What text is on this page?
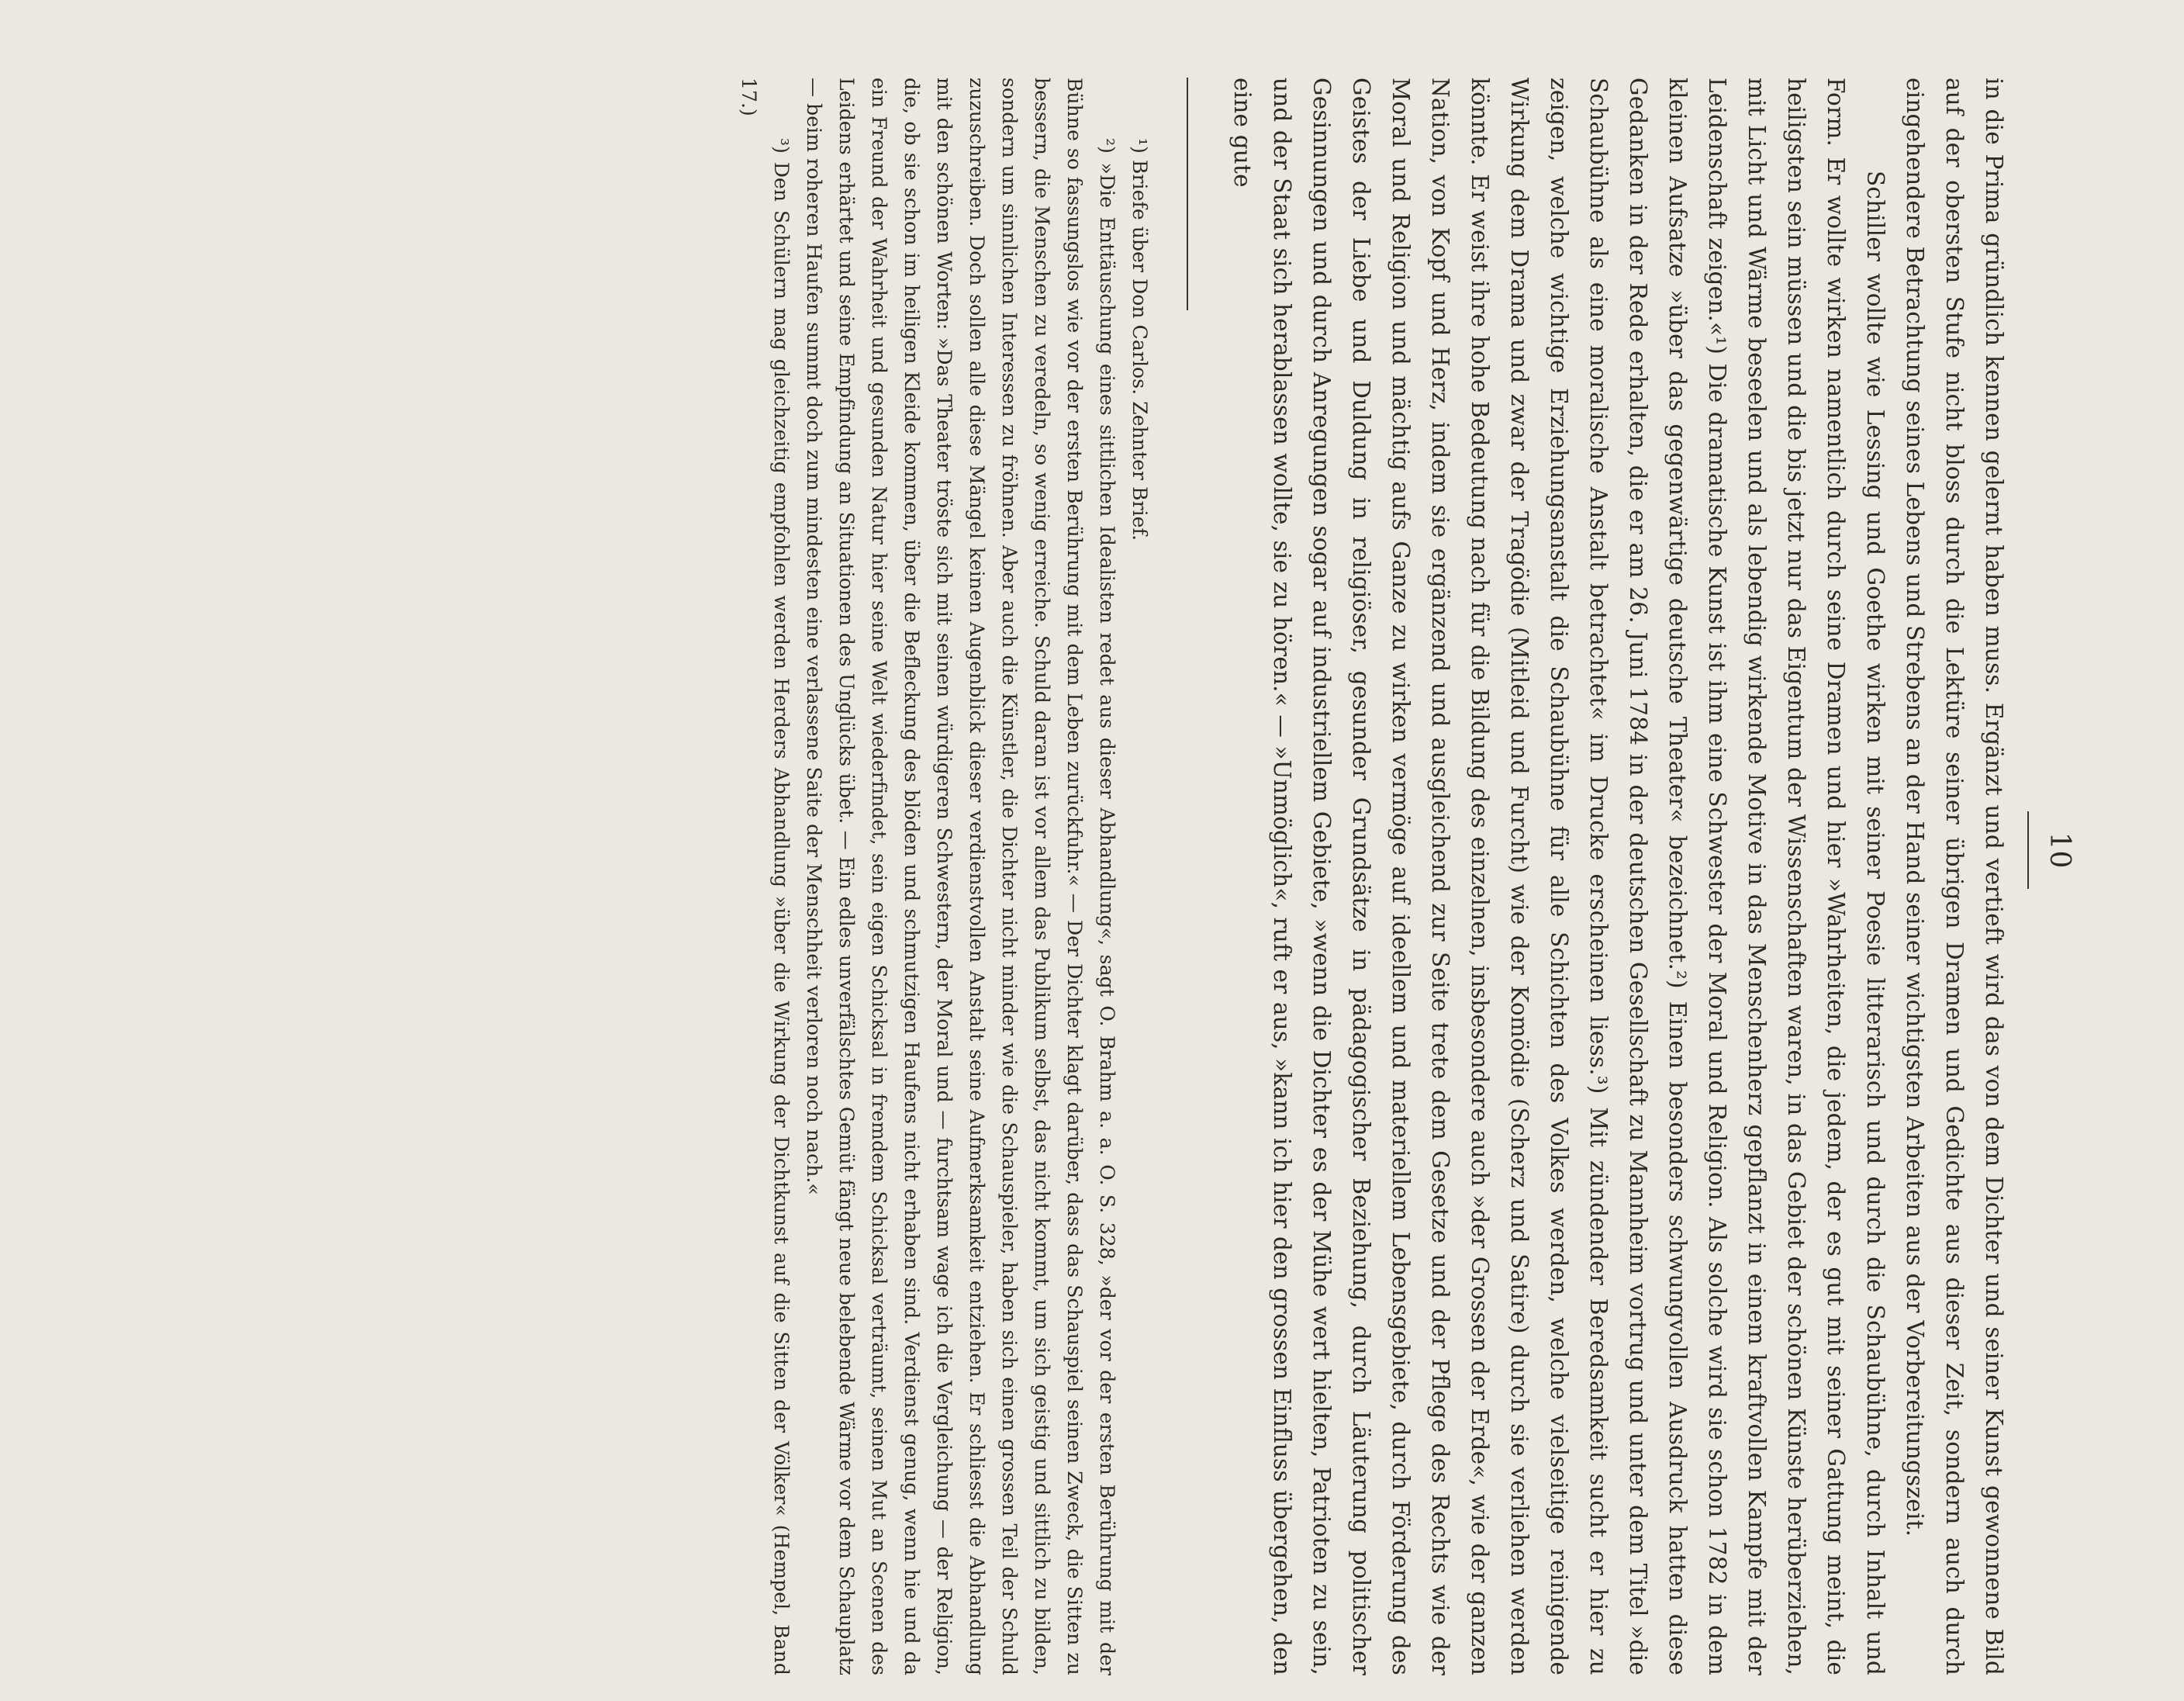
10

in die Prima gründlich kennen gelernt haben muss. Ergänzt und vertieft wird das von dem Dichter und seiner Kunst gewonnene Bild auf der obersten Stufe nicht bloss durch die Lektüre seiner übrigen Dramen und Gedichte aus dieser Zeit, sondern auch durch eingehendere Betrachtung seines Lebens und Strebens an der Hand seiner wichtigsten Arbeiten aus der Vorbereitungszeit.

Schiller wollte wie Lessing und Goethe wirken mit seiner Poesie litterarisch und durch die Schaubühne, durch Inhalt und Form. Er wollte wirken namentlich durch seine Dramen und hier »Wahrheiten, die jedem, der es gut mit seiner Gattung meint, die heiligsten sein müssen und die bis jetzt nur das Eigentum der Wissenschaften waren, in das Gebiet der schönen Künste herüberziehen, mit Licht und Wärme beseelen und als lebendig wirkende Motive in das Menschenherz gepflanzt in einem kraftvollen Kampfe mit der Leidenschaft zeigen.«¹) Die dramatische Kunst ist ihm eine Schwester der Moral und Religion. Als solche wird sie schon 1782 in dem kleinen Aufsatze »über das gegenwärtige deutsche Theater« bezeichnet.²) Einen besonders schwungvollen Ausdruck hatten diese Gedanken in der Rede erhalten, die er am 26. Juni 1784 in der deutschen Gesellschaft zu Mannheim vortrug und unter dem Titel »die Schaubühne als eine moralische Anstalt betrachtet« im Drucke erscheinen liess.³) Mit zündender Beredsamkeit sucht er hier zu zeigen, welche wichtige Erziehungsanstalt die Schaubühne für alle Schichten des Volkes werden, welche vielseitige reinigende Wirkung dem Drama und zwar der Tragödie (Mitleid und Furcht) wie der Komödie (Scherz und Satire) durch sie verliehen werden könnte. Er weist ihre hohe Bedeutung nach für die Bildung des einzelnen, insbesondere auch »der Grossen der Erde«, wie der ganzen Nation, von Kopf und Herz, indem sie ergänzend und ausgleichend zur Seite trete dem Gesetze und der Pflege des Rechts wie der Moral und Religion und mächtig aufs Ganze zu wirken vermöge auf ideellem und materiellem Lebensgebiete, durch Förderung des Geistes der Liebe und Duldung in religiöser, gesunder Grundsätze in pädagogischer Beziehung, durch Läuterung politischer Gesinnungen und durch Anregungen sogar auf industriellem Gebiete, »wenn die Dichter es der Mühe wert hielten, Patrioten zu sein, und der Staat sich herablassen wollte, sie zu hören.« — »Unmöglich«, ruft er aus, »kann ich hier den grossen Einfluss übergehen, den eine gute

¹) Briefe über Don Carlos. Zehnter Brief.

²) »Die Enttäuschung eines sittlichen Idealisten redet aus dieser Abhandlung«, sagt O. Brahm a. a. O. S. 328, »der vor der ersten Berührung mit der Bühne so fassungslos wie vor der ersten Berührung mit dem Leben zurückfuhr.« — Der Dichter klagt darüber, dass das Schauspiel seinen Zweck, die Sitten zu bessern, die Menschen zu veredeln, so wenig erreiche. Schuld daran ist vor allem das Publikum selbst, das nicht kommt, um sich geistig und sittlich zu bilden, sondern um sinnlichen Interessen zu fröhnen. Aber auch die Künstler, die Dichter nicht minder wie die Schauspieler, haben sich einen grossen Teil der Schuld zuzuschreiben. Doch sollen alle diese Mängel keinen Augenblick dieser verdienstvollen Anstalt seine Aufmerksamkeit entziehen. Er schliesst die Abhandlung mit den schönen Worten: »Das Theater tröste sich mit seinen würdigeren Schwestern, der Moral und — furchtsam wage ich die Vergleichung — der Religion, die, ob sie schon im heiligen Kleide kommen, über die Befleckung des blöden und schmutzigen Haufens nicht erhaben sind. Verdienst genug, wenn hie und da ein Freund der Wahrheit und gesunden Natur hier seine Welt wiederfindet, sein eigen Schicksal in fremdem Schicksal verträumt, seinen Mut an Scenen des Leidens erhärtet und seine Empfindung an Situationen des Unglücks übet. — Ein edles unverfälschtes Gemüt fängt neue belebende Wärme vor dem Schauplatz — beim roheren Haufen summt doch zum mindesten eine verlassene Saite der Menschheit verloren noch nach.«

³) Den Schülern mag gleichzeitig empfohlen werden Herders Abhandlung »über die Wirkung der Dichtkunst auf die Sitten der Völker« (Hempel, Band 17.)
